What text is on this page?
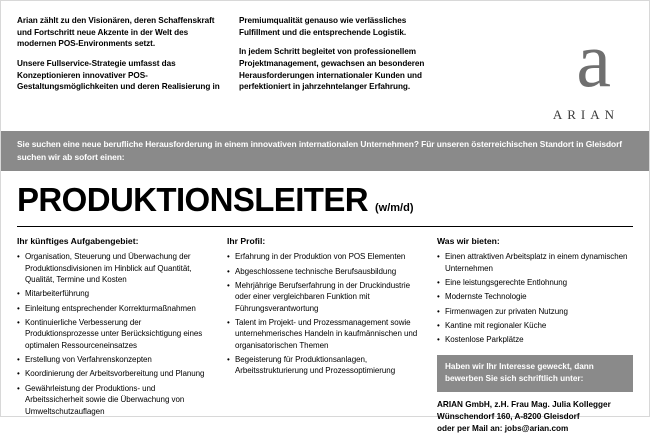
Arian zählt zu den Visionären, deren Schaffenskraft und Fortschritt neue Akzente in der Welt des modernen POS-Environments setzt.

Unsere Fullservice-Strategie umfasst das Konzeptionieren innovativer POS-Gestaltungsmöglichkeiten und deren Realisierung in

Premiumqualität genauso wie verlässliches Fulfillment und die entsprechende Logistik.

In jedem Schritt begleitet von professionellem Projektmanagement, gewachsen an besonderen Herausforderungen internationaler Kunden und perfektioniert in jahrzehntelanger Erfahrung.	a
ARIAN
Sie suchen eine neue berufliche Herausforderung in einem innovativen internationalen Unternehmen? Für unseren österreichischen Standort in Gleisdorf suchen wir ab sofort einen:
PRODUKTIONSLEITER (w/m/d)
Ihr künftiges Aufgabengebiet:
• Organisation, Steuerung und Überwachung der Produktionsdivisionen im Hinblick auf Quantität, Qualität, Termine und Kosten
• Mitarbeiterführung
• Einleitung entsprechender Korrekturmaßnahmen
• Kontinuierliche Verbesserung der Produktionsprozesse unter Berücksichtigung eines optimalen Ressourceneinsatzes
• Erstellung von Verfahrenskonzepten
• Koordinierung der Arbeitsvorbereitung und Planung
• Gewährleistung der Produktions- und Arbeitssicherheit sowie die Überwachung von Umweltschutzauflagen
Ihr Profil:
• Erfahrung in der Produktion von POS Elementen
• Abgeschlossene technische Berufsausbildung
• Mehrjährige Berufserfahrung in der Druckindustrie oder einer vergleichbaren Funktion mit Führungsverantwortung
• Talent im Projekt- und Prozessmanagement sowie unternehmerisches Handeln in kaufmännischen und organisatorischen Themen
• Begeisterung für Produktionsanlagen, Arbeitsstrukturierung und Prozessoptimierung
Was wir bieten:
• Einen attraktiven Arbeitsplatz in einem dynamischen Unternehmen
• Eine leistungsgerechte Entlohnung
• Modernste Technologie
• Firmenwagen zur privaten Nutzung
• Kantine mit regionaler Küche
• Kostenlose Parkplätze
Haben wir Ihr Interesse geweckt, dann bewerben Sie sich schriftlich unter:
ARIAN GmbH, z.H. Frau Mag. Julia Kollegger
Wünschendorf 160, A-8200 Gleisdorf
oder per Mail an: jobs@arian.com
